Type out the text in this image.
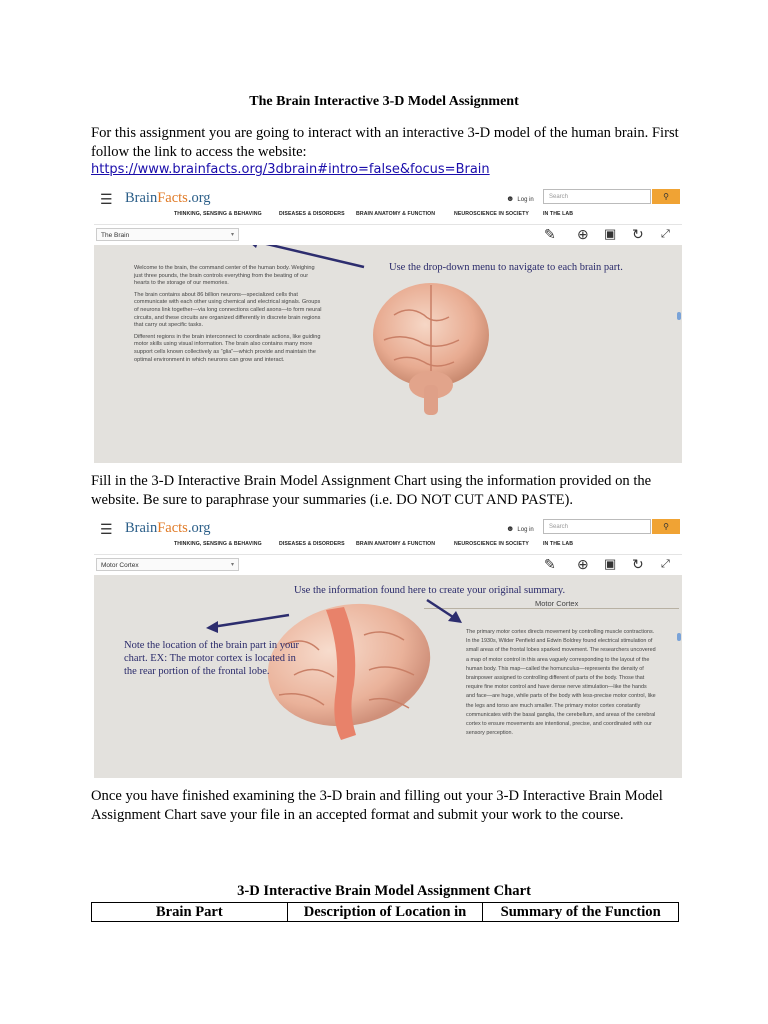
The Brain Interactive 3-D Model Assignment
For this assignment you are going to interact with an interactive 3-D model of the human brain. First follow the link to access the website:
https://www.brainfacts.org/3dbrain#intro=false&focus=Brain
☰ BrainFacts.org	☻ Log in	Search	⚲
THINKING, SENSING & BEHAVING	DISEASES & DISORDERS BRAIN ANATOMY & FUNCTION	NEUROSCIENCE IN SOCIETY	IN THE LAB
The Brain	▾	✎ ⊕ ▣ ↻ ⤢

Welcome to the brain, the command center of the human body. Weighing just three pounds, the brain controls everything from the beating of our hearts to the storage of our memories.

The brain contains about 86 billion neurons—specialized cells that communicate with each other using chemical and electrical signals. Groups of neurons link together—via long connections called axons—to form neural circuits, and these circuits are organized differently in discrete brain regions that carry out specific tasks.

Different regions in the brain interconnect to coordinate actions, like guiding motor skills using visual information. The brain also contains many more support cells known collectively as “glia”—which provide and maintain the optimal environment in which neurons can grow and interact.

Use the drop-down menu to navigate to each brain part.
Fill in the 3-D Interactive Brain Model Assignment Chart using the information provided on the website. Be sure to paraphrase your summaries (i.e. DO NOT CUT AND PASTE).
☰ BrainFacts.org	☻ Log in	Search	⚲
THINKING, SENSING & BEHAVING	DISEASES & DISORDERS BRAIN ANATOMY & FUNCTION	NEUROSCIENCE IN SOCIETY	IN THE LAB
Motor Cortex	▾	✎ ⊕ ▣ ↻ ⤢
Use the information found here to create your original summary.
Motor Cortex
Note the location of the brain part in your chart. EX: The motor cortex is located in the rear portion of the frontal lobe.
The primary motor cortex directs movement by controlling muscle contractions. In the 1930s, Wilder Penfield and Edwin Boldrey found electrical stimulation of small areas of the frontal lobes sparked movement. The researchers uncovered a map of motor control in this area vaguely corresponding to the layout of the human body. This map—called the homunculus—represents the density of brainpower assigned to controlling different of parts of the body. Those that require fine motor control and have dense nerve stimulation—like the hands and face—are huge, while parts of the body with less-precise motor control, like the legs and torso are much smaller. The primary motor cortex constantly communicates with the basal ganglia, the cerebellum, and areas of the cerebral cortex to ensure movements are intentional, precise, and coordinated with our sensory perception.
Once you have finished examining the 3-D brain and filling out your 3-D Interactive Brain Model Assignment Chart save your file in an accepted format and submit your work to the course.
3-D Interactive Brain Model Assignment Chart
Brain Part	Description of Location in	Summary of the Function
